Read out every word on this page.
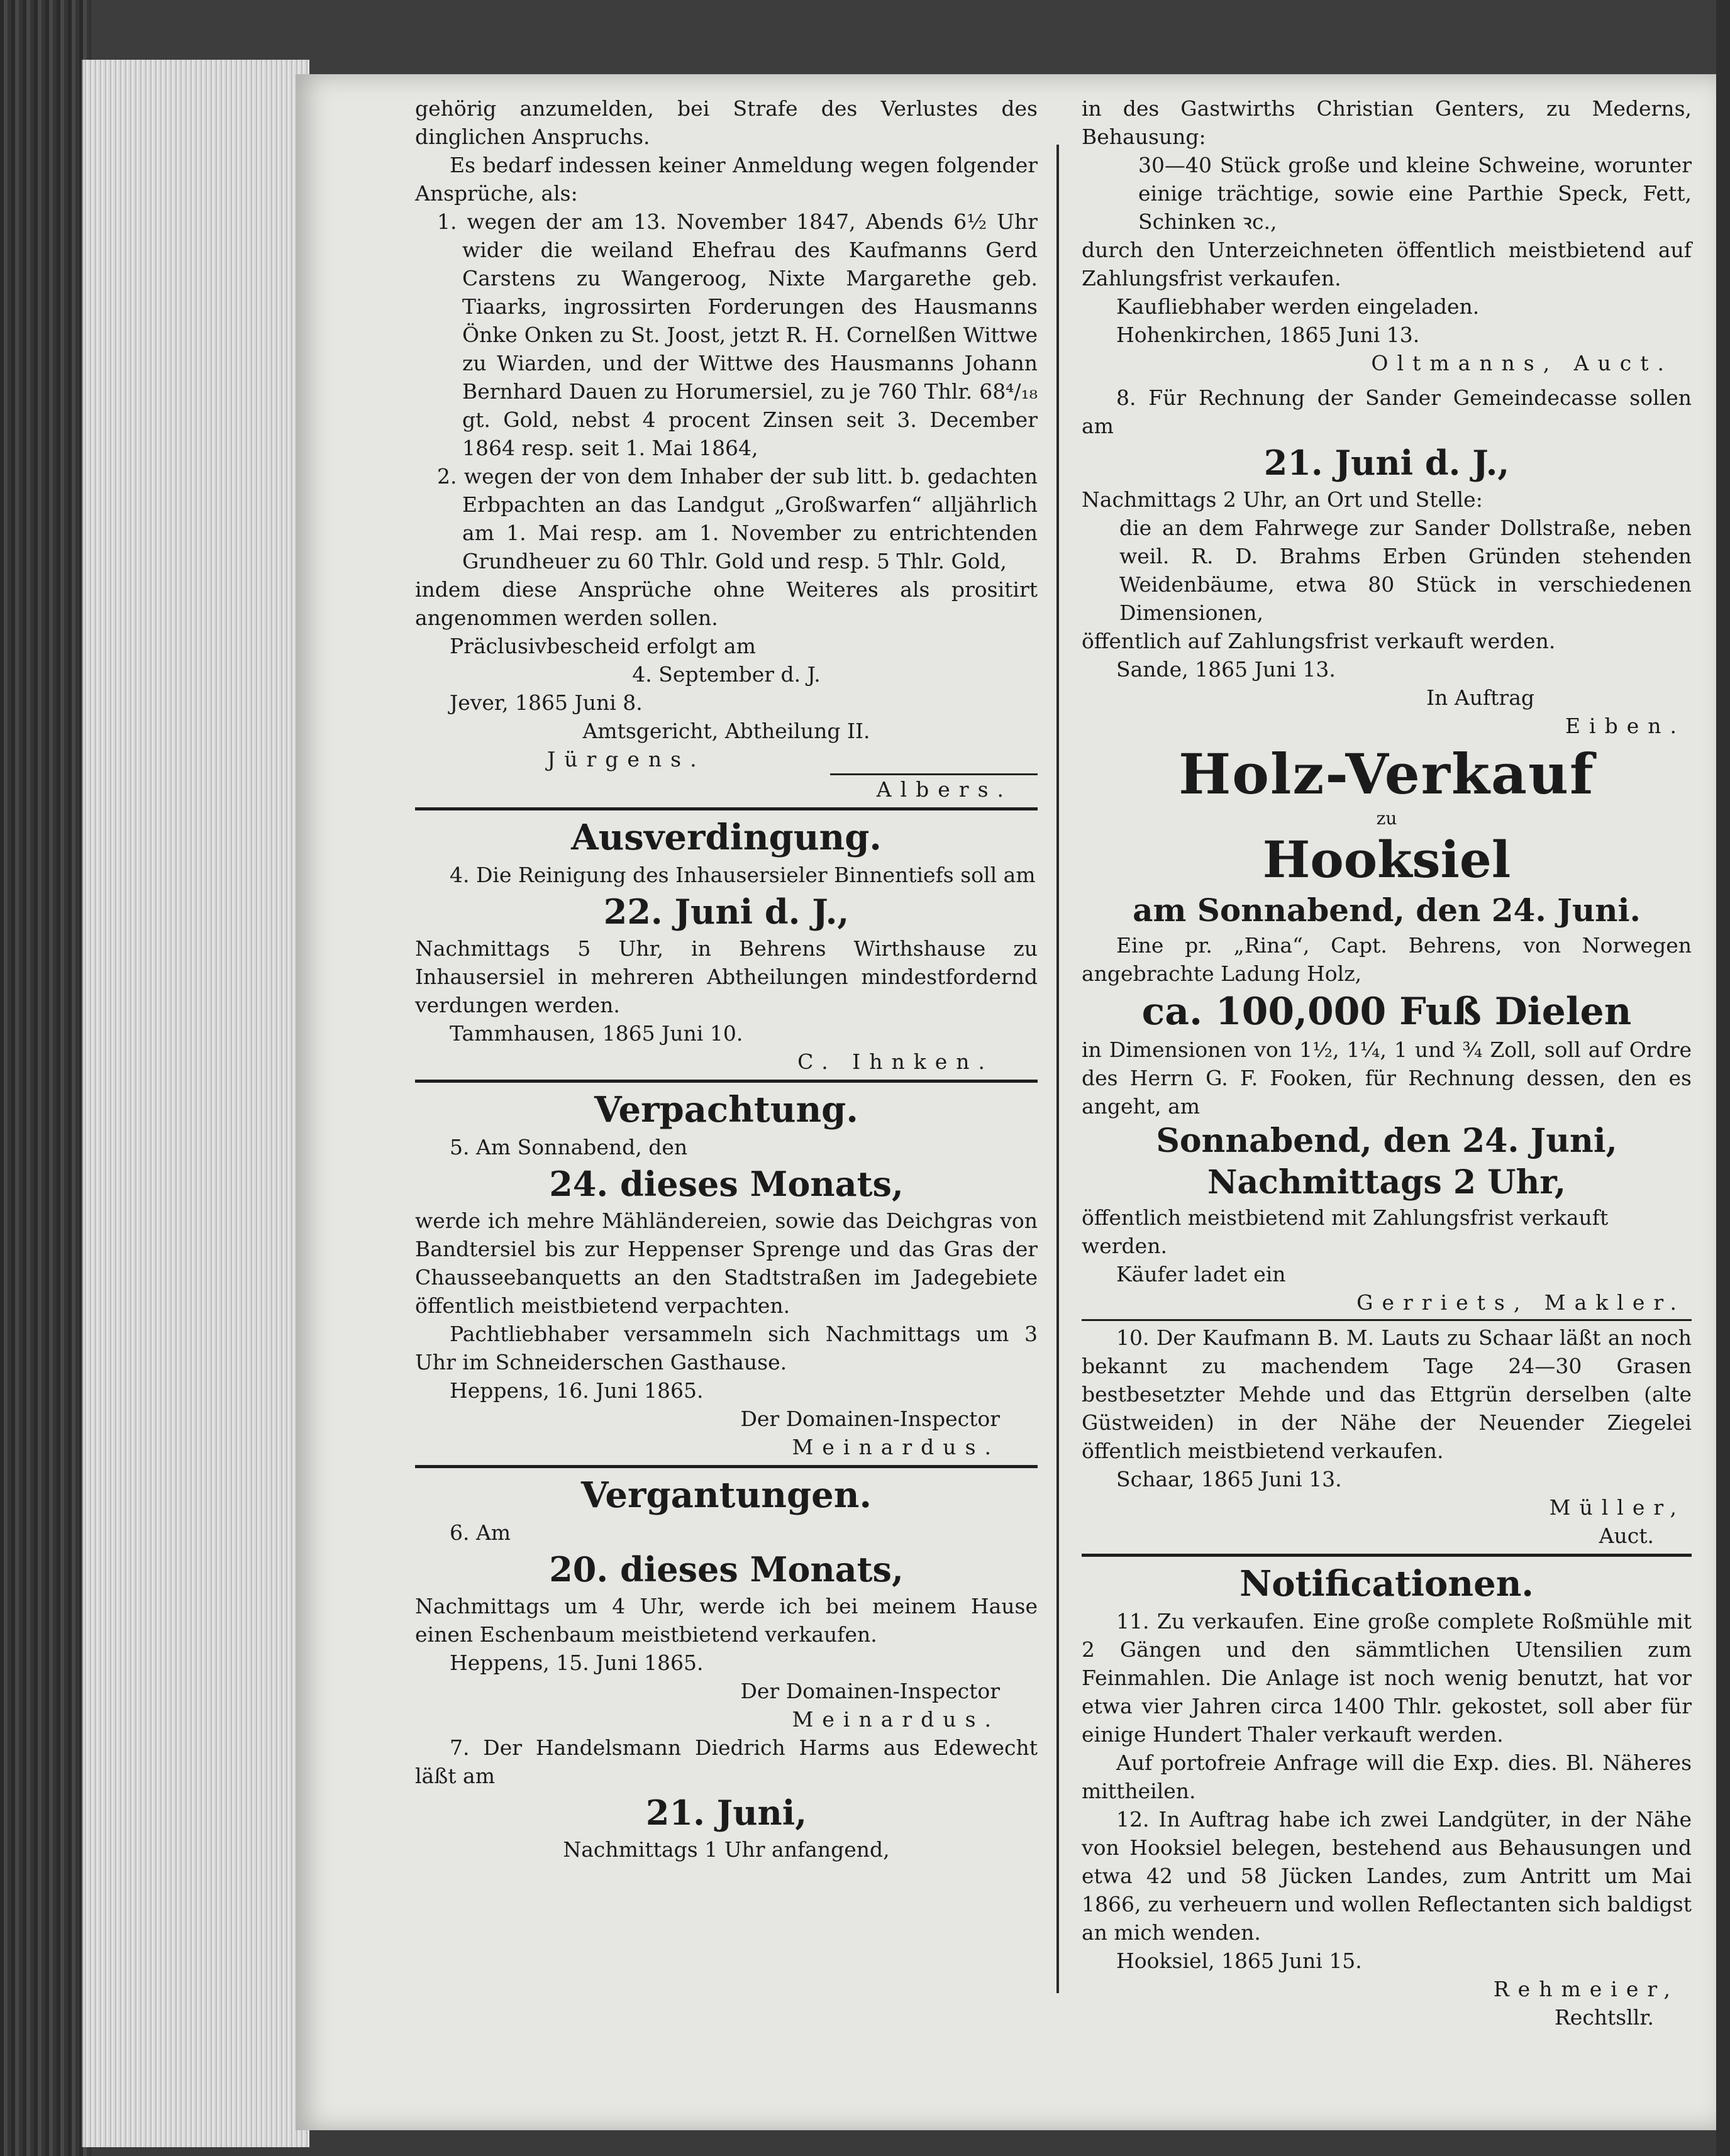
gehörig anzumelden, bei Strafe des Verlustes des dinglichen Anspruchs.

Es bedarf indessen keiner Anmeldung wegen folgender Ansprüche, als:

1. wegen der am 13. November 1847, Abends 6½ Uhr wider die weiland Ehefrau des Kaufmanns Gerd Carstens zu Wangeroog, Nixte Margarethe geb. Tiaarks, ingrossirten Forderungen des Hausmanns Önke Onken zu St. Joost, jetzt R. H. Cornelßen Wittwe zu Wiarden, und der Wittwe des Hausmanns Johann Bernhard Dauen zu Horumersiel, zu je 760 Thlr. 68⁴/₁₈ gt. Gold, nebst 4 procent Zinsen seit 3. December 1864 resp. seit 1. Mai 1864,

2. wegen der von dem Inhaber der sub litt. b. gedachten Erbpachten an das Landgut „Großwarfen“ alljährlich am 1. Mai resp. am 1. November zu entrichtenden Grundheuer zu 60 Thlr. Gold und resp. 5 Thlr. Gold,

indem diese Ansprüche ohne Weiteres als prositirt angenommen werden sollen.

Präclusivbescheid erfolgt am

4. September d. J.

Jever, 1865 Juni 8.

Amtsgericht, Abtheilung II.

Jürgens.

Albers.

Ausverdingung.

4. Die Reinigung des Inhausersieler Binnentiefs soll am

22. Juni d. J.,

Nachmittags 5 Uhr, in Behrens Wirthshause zu Inhausersiel in mehreren Abtheilungen mindestfordernd verdungen werden.

Tammhausen, 1865 Juni 10.

C. Ihnken.

Verpachtung.

5. Am Sonnabend, den

24. dieses Monats,

werde ich mehre Mähländereien, sowie das Deichgras von Bandtersiel bis zur Heppenser Sprenge und das Gras der Chausseebanquetts an den Stadtstraßen im Jadegebiete öffentlich meistbietend verpachten.

Pachtliebhaber versammeln sich Nachmittags um 3 Uhr im Schneiderschen Gasthause.

Heppens, 16. Juni 1865.

Der Domainen-Inspector

Meinardus.

Vergantungen.

6. Am

20. dieses Monats,

Nachmittags um 4 Uhr, werde ich bei meinem Hause einen Eschenbaum meistbietend verkaufen.

Heppens, 15. Juni 1865.

Der Domainen-Inspector

Meinardus.

7. Der Handelsmann Diedrich Harms aus Edewecht läßt am

21. Juni,

Nachmittags 1 Uhr anfangend,

in des Gastwirths Christian Genters, zu Mederns, Behausung:

30—40 Stück große und kleine Schweine, worunter einige trächtige, sowie eine Parthie Speck, Fett, Schinken ꝛc.,

durch den Unterzeichneten öffentlich meistbietend auf Zahlungsfrist verkaufen.

Kaufliebhaber werden eingeladen.

Hohenkirchen, 1865 Juni 13.

Oltmanns, Auct.

8. Für Rechnung der Sander Gemeindecasse sollen am

21. Juni d. J.,

Nachmittags 2 Uhr, an Ort und Stelle:

die an dem Fahrwege zur Sander Dollstraße, neben weil. R. D. Brahms Erben Gründen stehenden Weidenbäume, etwa 80 Stück in verschiedenen Dimensionen,

öffentlich auf Zahlungsfrist verkauft werden.

Sande, 1865 Juni 13.

In Auftrag

Eiben.

Holz-Verkauf

zu

Hooksiel

am Sonnabend, den 24. Juni.

Eine pr. „Rina“, Capt. Behrens, von Norwegen angebrachte Ladung Holz,

ca. 100,000 Fuß Dielen

in Dimensionen von 1½, 1¼, 1 und ¾ Zoll, soll auf Ordre des Herrn G. F. Fooken, für Rechnung dessen, den es angeht, am

Sonnabend, den 24. Juni,

Nachmittags 2 Uhr,

öffentlich meistbietend mit Zahlungsfrist verkauft werden.

Käufer ladet ein

Gerriets, Makler.

10. Der Kaufmann B. M. Lauts zu Schaar läßt an noch bekannt zu machendem Tage 24—30 Grasen bestbesetzter Mehde und das Ettgrün derselben (alte Güstweiden) in der Nähe der Neuender Ziegelei öffentlich meistbietend verkaufen.

Schaar, 1865 Juni 13.

Müller,

Auct.

Notificationen.

11. Zu verkaufen. Eine große complete Roßmühle mit 2 Gängen und den sämmtlichen Utensilien zum Feinmahlen. Die Anlage ist noch wenig benutzt, hat vor etwa vier Jahren circa 1400 Thlr. gekostet, soll aber für einige Hundert Thaler verkauft werden.

Auf portofreie Anfrage will die Exp. dies. Bl. Näheres mittheilen.

12. In Auftrag habe ich zwei Landgüter, in der Nähe von Hooksiel belegen, bestehend aus Behausungen und etwa 42 und 58 Jücken Landes, zum Antritt um Mai 1866, zu verheuern und wollen Reflectanten sich baldigst an mich wenden.

Hooksiel, 1865 Juni 15.

Rehmeier,

Rechtsllr.
